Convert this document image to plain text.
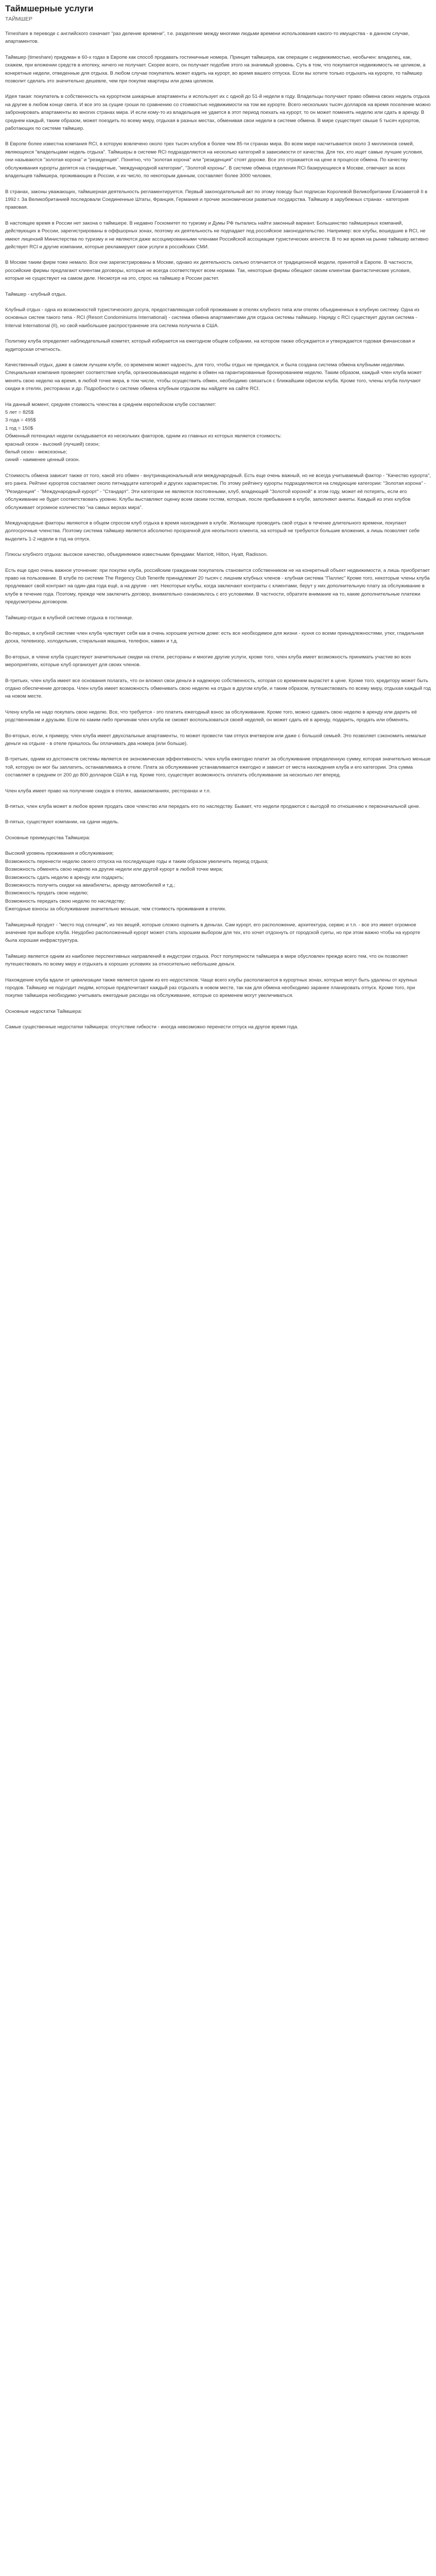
Таймшерные услуги
ТАЙМШЕР
Timeshare в переводе с английского означает "раз деление времени", т.е. разделение между многими людьми времени использования какого-то имущества - в данном случае, апартаментов.
Таймшер (timeshare) придуман в 60-х годах в Европе как способ продавать гостиничные номера. Принцип таймшера, как операции с недвижимостью, необычен: владелец, как, скажем, при вложении средств в ипотеку, ничего не получает. Скорее всего, он получает подобие этого на значимый уровень. Суть в том, что покупается недвижимость не целиком, а конкретные недели, отведенные для отдыха. В любом случае покупатель может ездить на курорт, во время вашего отпуска. Если вы хотите только отдыхать на курорте, то таймшер позволит сделать это значительно дешевле, чем при покупке квартиры или дома целиком.
Идея такая: покупатель в собственность на курортном шикарные апартаменты и использует их с одной до 51-й недели в году. Владельцы получают право обмена своих недель отдыха на другие в любом конце света. И все это за сущие гроши по сравнению со стоимостью недвижимости на том же курорте. Всего нескольких тысяч долларов на время поселение можно забронировать апартаменты во многих странах мира. И если кому-то из владельцев не удается в этот период поехать на курорт, то он может поменять неделю или сдать в аренду. В среднем каждый, таким образом, может поездить по всему миру, отдыхая в разных местах, обменивая свои недели в системе обмена. В мире существует свыше 5 тысяч курортов, работающих по системе таймшер.
В Европе более известна компания RCI, в которую вовлечено около трех тысяч клубов в более чем 85-ти странах мира. Во всем мире насчитывается около 3 миллионов семей, являющихся "владельцами недель отдыха". Таймшеры в системе RCI подразделяются на несколько категорий в зависимости от качества. Для тех, кто ищет самые лучшие условия, они называются "золотая корона" и "резиденция". Понятно, что "золотая корона" или "резиденция" стоят дороже. Все это отражается на цене в процессе обмена. По качеству обслуживания курорты делятся на стандартные, "международной категории", "Золотой короны". В системе обмена отделения RCI базирующиеся в Москве, отвечают за всех владельцев таймшера, проживающих в России, и их число, по некоторым данным, составляет более 3000 человек.
В странах, законы уважающих, таймшерная деятельность регламентируется. Первый законодательный акт по этому поводу был подписан Королевой Великобритании Елизаветой II в 1992 г. За Великобританией последовали Соединенные Штаты, Франция, Германия и прочие экономически развитые государства. Таймшер в зарубежных странах - категория правовая.
В настоящее время в России нет закона о таймшере. В недавно Госкомитет по туризму и Думы РФ пытались найти законный вариант. Большинство таймшерных компаний, действующих в России, зарегистрированы в оффшорных зонах, поэтому их деятельность не подпадает под российское законодательство. Например: все клубы, вошедшие в RCI, не имеют лицензий Министерства по туризму и не являются даже ассоциированными членами Российской ассоциации туристических агентств. В то же время на рынке таймшер активно действует RCI и другие компании, которые рекламируют свои услуги в российских СМИ.
В Москве таким фирм тоже немало. Все они зарегистрированы в Москве, однако их деятельность сильно отличается от традиционной модели, принятой в Европе. В частности, российские фирмы предлагают клиентам договоры, которые не всегда соответствуют всем нормам. Так, некоторые фирмы обещают своим клиентам фантастические условия, которые не существуют на самом деле. Несмотря на это, спрос на таймшер в России растет.
Таймшер - клубный отдых.
Клубный отдых - одна из возможностей туристического досуга, предоставляющая собой проживание в отелях клубного типа или отелях объединенных в клубную систему. Одна из основных систем такого типа - RCI (Resort Condominiums International) - система обмена апартаментами для отдыха системы таймшер. Наряду с RCI существует другая система - Interval International (II), но свой наибольшее распространение эта система получила в США.
Политику клуба определяет наблюдательный комитет, который избирается на ежегодном общем собрании, на котором также обсуждается и утверждается годовая финансовая и аудиторская отчетность.
Качественный отдых, даже в самом лучшем клубе, со временем может надоесть, для того, чтобы отдых не приедался, и была создана система обмена клубными неделями. Специальная компания проверяет соответствие клуба, организовывающая неделю в обмен на гарантированные бронированием неделю. Таким образом, каждый член клуба может менять свою неделю на время, в любой точке мира, в том числе, чтобы осуществить обмен, необходимо связаться с ближайшим офисом клуба. Кроме того, члены клуба получают скидки в отелях, ресторанах и др. Подробности о системе обмена клубным отдыхом вы найдете на сайте RCI.
На данный момент, средняя стоимость членства в среднем европейском клубе составляет:
5 лет = 825$
3 года = 495$
1 год = 150$
Обменный потенциал недели складывается из нескольких факторов, одним из главных из которых является стоимость:
красный сезон - высокий (лучший) сезон;
белый сезон - межсезонье;
синий - наименее ценный сезон.
Стоимость обмена зависит также от того, какой это обмен - внутринациональный или международный. Есть еще очень важный, но не всегда учитываемый фактор - "Качество курорта", его ранга. Рейтинг курортов составляет около пятнадцати категорий и других характеристик. По этому рейтингу курорты подразделяются на следующие категории: "Золотая корона" - "Резиденция" - "Международный курорт" - "Стандарт". Эти категории не являются постоянными, клуб, владеющий "Золотой короной" в этом году, может её потерять, если его обслуживание не будет соответствовать уровню. Клубы выставляют оценку всем своим гостям, которые, после пребывания в клубе, заполняют анкеты. Каждый из этих клубов обслуживает огромное количество "на самых верхах мира".
Международные факторы являются в общем спросом клуб отдыха в время нахождения в клубе. Желающие проводить свой отдых в течение длительного времени, покупают долгосрочные членства. Поэтому система таймшер является абсолютно прозрачной для неопытного клиента, на который не требуются большие вложения, а лишь позволяет себе выделить 1-2 недели в год на отпуск.
Плюсы клубного отдыха: высокое качество, объединяемое известными брендами: Marriott, Hilton, Hyatt, Radisson.
Есть еще одно очень важное уточнение: при покупке клуба, российским гражданам покупатель становится собственником не на конкретный объект недвижимости, а лишь приобретает право на пользование. В клубе по системе The Regency Club Tenerife принадлежит 20 тысяч с лишним клубных членов - клубная система "Паллис" Кроме того, некоторые члены клуба продлевают свой контракт на один-два года ещё, а на другие - нет. Некоторые клубы, когда заключают контракты с клиентами, берут у них дополнительную плату за обслуживание в клубе в течение года. Поэтому, прежде чем заключить договор, внимательно ознакомьтесь с его условиями. В частности, обратите внимание на то, какие дополнительные платежи предусмотрены договором.
Таймшер-отдых в клубной системе отдыха в гостинице.
Во-первых, в клубной системе член клуба чувствует себя как в очень хорошем уютном доме: есть все необходимое для жизни - кухня со всеми принадлежностями, утюг, гладильная доска, телевизор, холодильник, стиральная машина, телефон, камин и т.д.
Во-вторых, в члене клуба существуют значительные скидки на отели, рестораны и многие другие услуги, кроме того, член клуба имеет возможность принимать участие во всех мероприятиях, которые клуб организует для своих членов.
В-третьих, член клуба имеет все основания полагать, что он вложил свои деньги в надежную собственность, которая со временем вырастет в цене. Кроме того, кредитору может быть отдано обеспечение договора. Член клуба имеет возможность обменивать свою неделю на отдых в другом клубе, и таким образом, путешествовать по всему миру, отдыхая каждый год на новом месте.
Члену клуба не надо покупать свою неделю. Все, что требуется - это платить ежегодный взнос за обслуживание. Кроме того, можно сдавать свою неделю в аренду или дарить её родственникам и друзьям. Если по каким-либо причинам член клуба не сможет воспользоваться своей неделей, он может сдать её в аренду, подарить, продать или обменять.
Во-вторых, если, к примеру, член клуба имеет двухспальные апартаменты, то может провести там отпуск вчетвером или даже с большой семьей. Это позволяет сэкономить немалые деньги на отдыхе - в отеле пришлось бы оплачивать два номера (или больше).
В-третьих, одним из достоинств системы является ее экономическая эффективность: член клуба ежегодно платит за обслуживание определенную сумму, которая значительно меньше той, которую он мог бы заплатить, останавливаясь в отеле. Плата за обслуживание устанавливается ежегодно и зависит от места нахождения клуба и его категории. Эта сумма составляет в среднем от 200 до 800 долларов США в год. Кроме того, существует возможность оплатить обслуживание за несколько лет вперед.
Член клуба имеет право на получение скидок в отелях, авиакомпаниях, ресторанах и т.п.
В-пятых, член клуба может в любое время продать свое членство или передать его по наследству. Бывает, что недели продаются с выгодой по отношению к первоначальной цене.
В-пятых, существуют компании, на сдачи недель.
Основные преимущества Таймшера:
Высокий уровень проживания и обслуживания;
Возможность перенести неделю своего отпуска на последующие годы и таким образом увеличить период отдыха;
Возможность обменять свою неделю на другие недели или другой курорт в любой точке мира;
Возможность сдать неделю в аренду или подарить;
Возможность получить скидки на авиабилеты, аренду автомобилей и т.д.;
Возможность продать свою неделю;
Возможность передать свою неделю по наследству;
Ежегодные взносы за обслуживание значительно меньше, чем стоимость проживания в отелях.
Таймшерный продукт - "место под солнцем", из тех вещей, которые сложно оценить в деньгах. Сам курорт, его расположение, архитектура, сервис и т.п. - все это имеет огромное значение при выборе клуба. Неудобно расположенный курорт может стать хорошим выбором для тех, кто хочет отдохнуть от городской суеты, но при этом важно чтобы на курорте была хорошая инфраструктура.
Таймшер является одним из наиболее перспективных направлений в индустрии отдыха. Рост популярности таймшера в мире обусловлен прежде всего тем, что он позволяет путешествовать по всему миру и отдыхать в хороших условиях за относительно небольшие деньги.
Нахождение клуба вдали от цивилизации также является одним из его недостатков. Чаще всего клубы располагаются в курортных зонах, которые могут быть удалены от крупных городов. Таймшер не подходит людям, которые предпочитают каждый раз отдыхать в новом месте, так как для обмена необходимо заранее планировать отпуск. Кроме того, при покупке таймшера необходимо учитывать ежегодные расходы на обслуживание, которые со временем могут увеличиваться.
Основные недостатки Таймшера:
Самые существенные недостатки таймшера: отсутствие гибкости - иногда невозможно перенести отпуск на другое время года.
